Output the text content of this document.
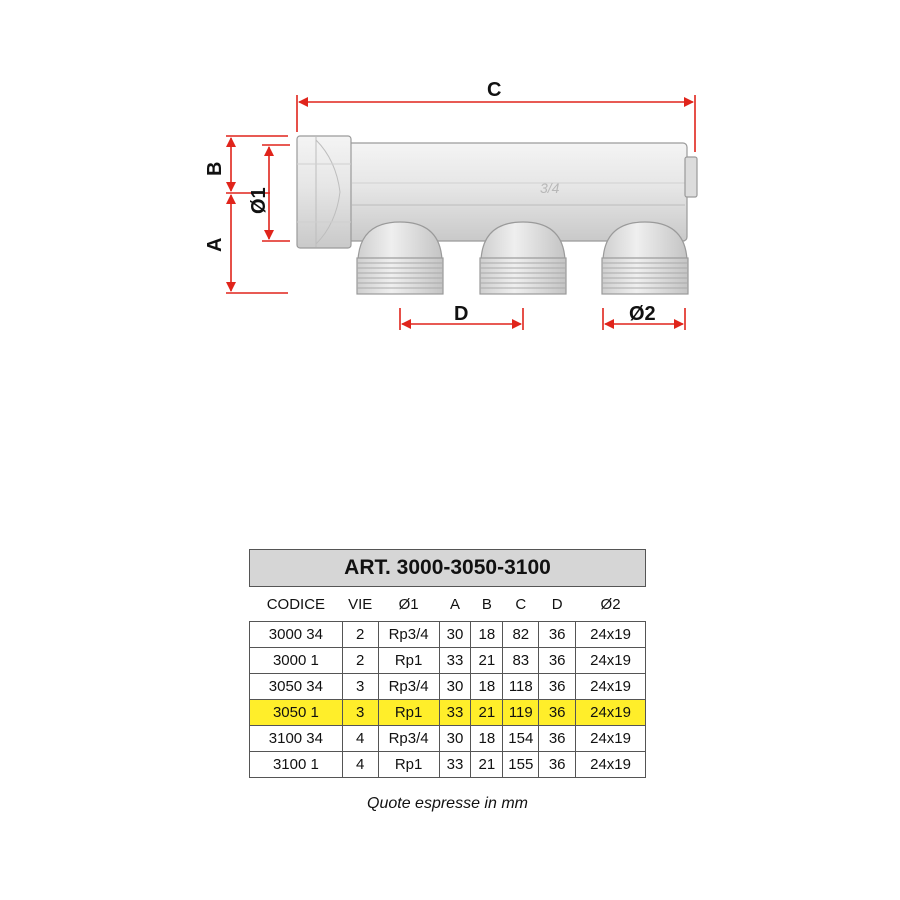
3/4
C
B
A
Ø1
D	Ø2
ART. 3000-3050-3100							
CODICE	VIE	Ø1	A	B	C	D	Ø2
3000 34	2	Rp3/4	30	18	82	36	24x19
3000 1	2	Rp1	33	21	83	36	24x19
3050 34	3	Rp3/4	30	18	118	36	24x19
3050 1	3	Rp1	33	21	119	36	24x19
3100 34	4	Rp3/4	30	18	154	36	24x19
3100 1	4	Rp1	33	21	155	36	24x19
Quote espresse in mm
